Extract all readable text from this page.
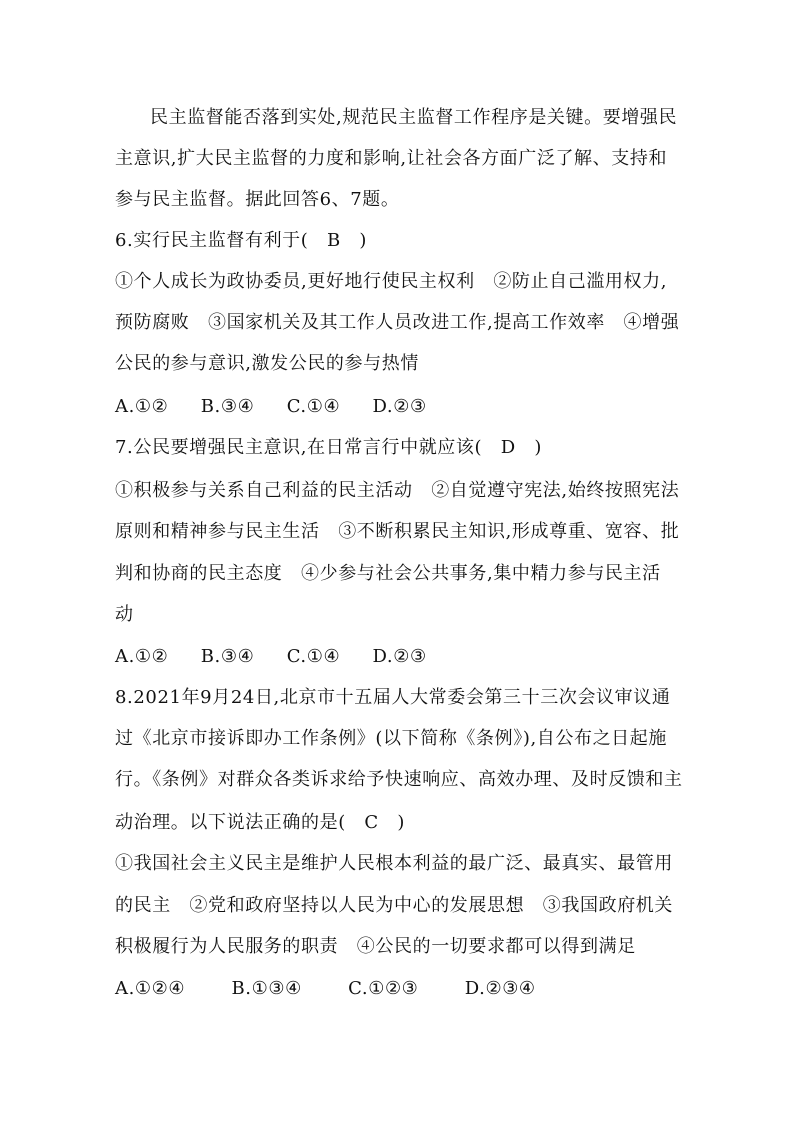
民主监督能否落到实处,规范民主监督工作程序是关键。要增强民
主意识,扩大民主监督的力度和影响,让社会各方面广泛了解、支持和
参与民主监督。据此回答6、7题。
6.实行民主监督有利于(　B　)
①个人成长为政协委员,更好地行使民主权利　②防止自己滥用权力,
预防腐败　③国家机关及其工作人员改进工作,提高工作效率　④增强
公民的参与意识,激发公民的参与热情
A.①② B.③④ C.①④ D.②③
7.公民要增强民主意识,在日常言行中就应该(　D　)
①积极参与关系自己利益的民主活动　②自觉遵守宪法,始终按照宪法
原则和精神参与民主生活　③不断积累民主知识,形成尊重、宽容、批
判和协商的民主态度　④少参与社会公共事务,集中精力参与民主活
动
A.①② B.③④ C.①④ D.②③
8.2021年9月24日,北京市十五届人大常委会第三十三次会议审议通
过《北京市接诉即办工作条例》(以下简称《条例》),自公布之日起施
行。《条例》对群众各类诉求给予快速响应、高效办理、及时反馈和主
动治理。以下说法正确的是(　C　)
①我国社会主义民主是维护人民根本利益的最广泛、最真实、最管用
的民主　②党和政府坚持以人民为中心的发展思想　③我国政府机关
积极履行为人民服务的职责　④公民的一切要求都可以得到满足
A.①②④	B.①③④	C.①②③	D.②③④
